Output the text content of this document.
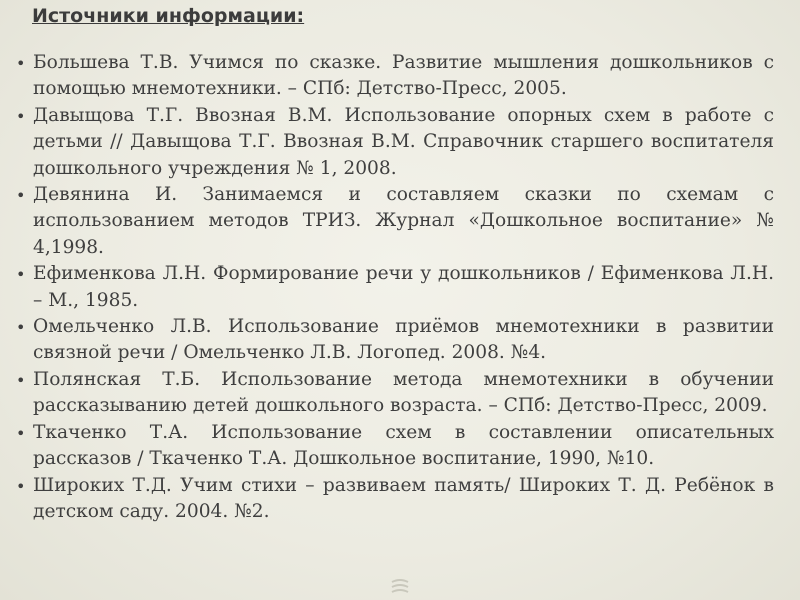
Источники информации:
• Большева Т.В. Учимся по сказке. Развитие мышления дошкольников с помощью мнемотехники. – СПб: Детство-Пресс, 2005.
• Давыщова Т.Г. Ввозная В.М. Использование опорных схем в работе с детьми // Давыщова Т.Г. Ввозная В.М. Справочник старшего воспитателя дошкольного учреждения № 1, 2008.
• Девянина И. Занимаемся и составляем сказки по схемам с использованием методов ТРИЗ. Журнал «Дошкольное воспитание» № 4,1998.
• Ефименкова Л.Н. Формирование речи у дошкольников / Ефименкова Л.Н. – М., 1985.
• Омельченко Л.В. Использование приёмов мнемотехники в развитии связной речи / Омельченко Л.В. Логопед. 2008. №4.
• Полянская Т.Б. Использование метода мнемотехники в обучении рассказыванию детей дошкольного возраста. – СПб: Детство-Пресс, 2009.
• Ткаченко Т.А. Использование схем в составлении описательных рассказов / Ткаченко Т.А. Дошкольное воспитание, 1990, №10.
• Широких Т.Д. Учим стихи – развиваем память/ Широких Т. Д. Ребёнок в детском саду. 2004. №2.
